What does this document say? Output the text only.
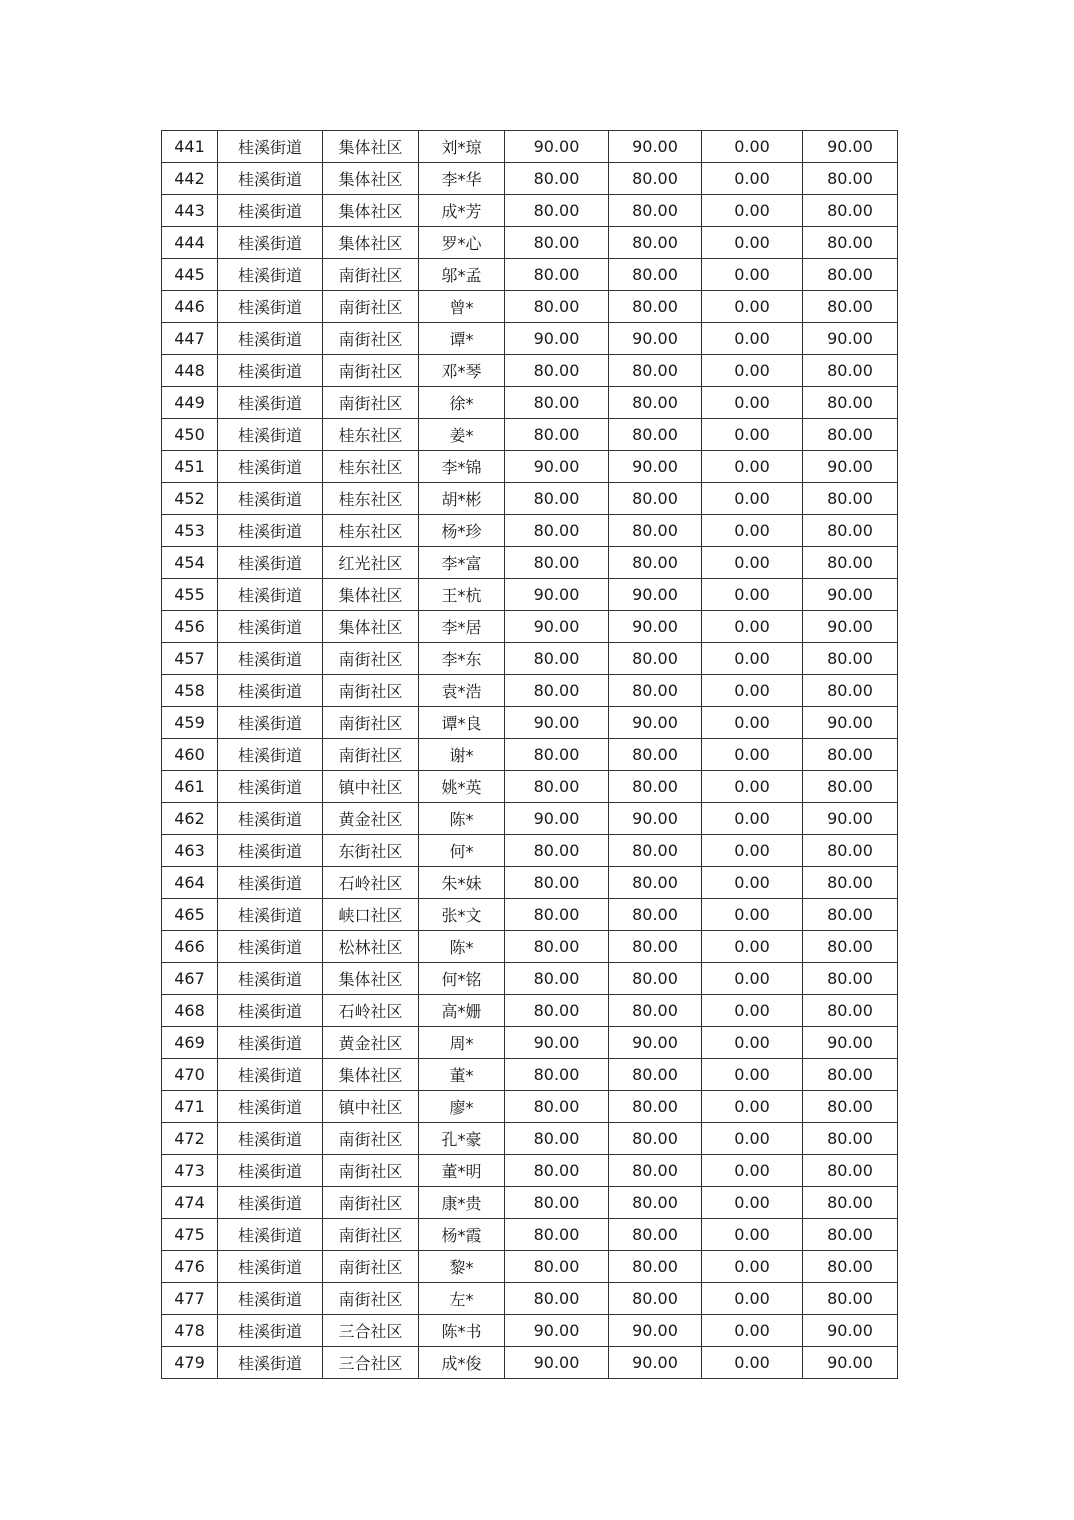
441	桂溪街道	集体社区	刘*琼	90.00	90.00	0.00	90.00
442	桂溪街道	集体社区	李*华	80.00	80.00	0.00	80.00
443	桂溪街道	集体社区	成*芳	80.00	80.00	0.00	80.00
444	桂溪街道	集体社区	罗*心	80.00	80.00	0.00	80.00
445	桂溪街道	南街社区	邬*孟	80.00	80.00	0.00	80.00
446	桂溪街道	南街社区	曾*	80.00	80.00	0.00	80.00
447	桂溪街道	南街社区	谭*	90.00	90.00	0.00	90.00
448	桂溪街道	南街社区	邓*琴	80.00	80.00	0.00	80.00
449	桂溪街道	南街社区	徐*	80.00	80.00	0.00	80.00
450	桂溪街道	桂东社区	姜*	80.00	80.00	0.00	80.00
451	桂溪街道	桂东社区	李*锦	90.00	90.00	0.00	90.00
452	桂溪街道	桂东社区	胡*彬	80.00	80.00	0.00	80.00
453	桂溪街道	桂东社区	杨*珍	80.00	80.00	0.00	80.00
454	桂溪街道	红光社区	李*富	80.00	80.00	0.00	80.00
455	桂溪街道	集体社区	王*杭	90.00	90.00	0.00	90.00
456	桂溪街道	集体社区	李*居	90.00	90.00	0.00	90.00
457	桂溪街道	南街社区	李*东	80.00	80.00	0.00	80.00
458	桂溪街道	南街社区	袁*浩	80.00	80.00	0.00	80.00
459	桂溪街道	南街社区	谭*良	90.00	90.00	0.00	90.00
460	桂溪街道	南街社区	谢*	80.00	80.00	0.00	80.00
461	桂溪街道	镇中社区	姚*英	80.00	80.00	0.00	80.00
462	桂溪街道	黄金社区	陈*	90.00	90.00	0.00	90.00
463	桂溪街道	东街社区	何*	80.00	80.00	0.00	80.00
464	桂溪街道	石岭社区	朱*妹	80.00	80.00	0.00	80.00
465	桂溪街道	峡口社区	张*文	80.00	80.00	0.00	80.00
466	桂溪街道	松林社区	陈*	80.00	80.00	0.00	80.00
467	桂溪街道	集体社区	何*铭	80.00	80.00	0.00	80.00
468	桂溪街道	石岭社区	高*姗	80.00	80.00	0.00	80.00
469	桂溪街道	黄金社区	周*	90.00	90.00	0.00	90.00
470	桂溪街道	集体社区	董*	80.00	80.00	0.00	80.00
471	桂溪街道	镇中社区	廖*	80.00	80.00	0.00	80.00
472	桂溪街道	南街社区	孔*豪	80.00	80.00	0.00	80.00
473	桂溪街道	南街社区	董*明	80.00	80.00	0.00	80.00
474	桂溪街道	南街社区	康*贵	80.00	80.00	0.00	80.00
475	桂溪街道	南街社区	杨*霞	80.00	80.00	0.00	80.00
476	桂溪街道	南街社区	黎*	80.00	80.00	0.00	80.00
477	桂溪街道	南街社区	左*	80.00	80.00	0.00	80.00
478	桂溪街道	三合社区	陈*书	90.00	90.00	0.00	90.00
479	桂溪街道	三合社区	成*俊	90.00	90.00	0.00	90.00
